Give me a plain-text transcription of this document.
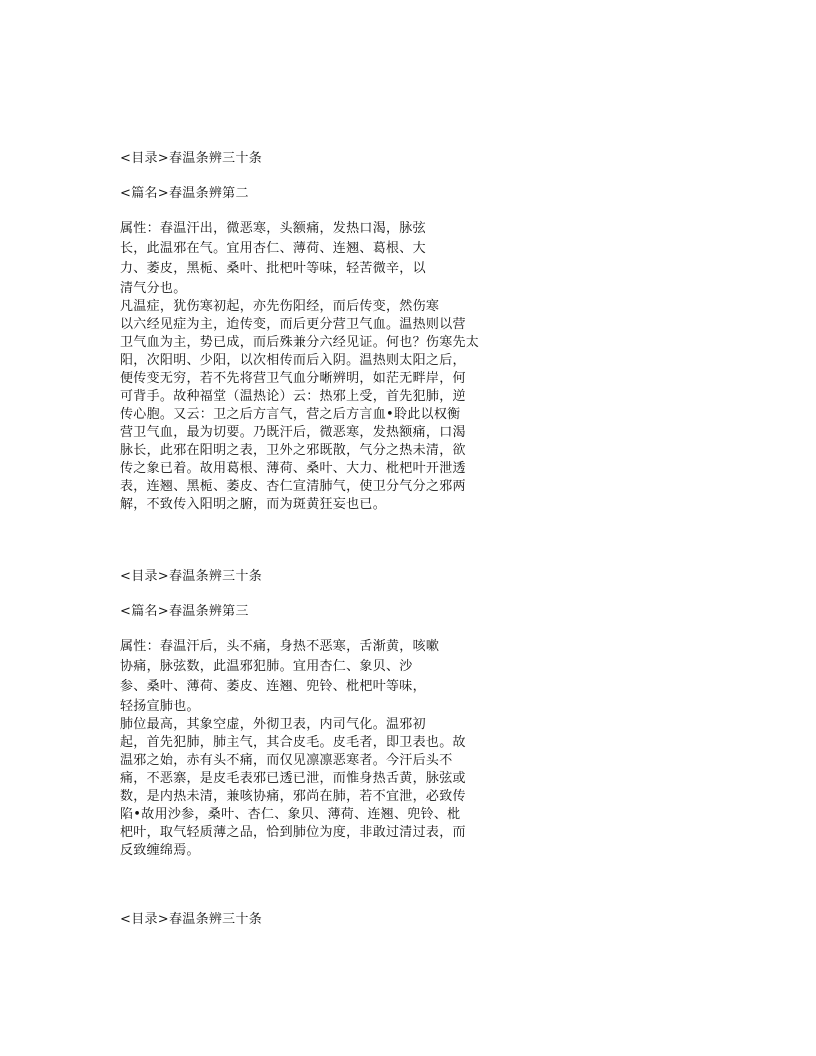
<目录>春温条辨三十条
<篇名>春温条辨第二
属性：春温汗出，微恶寒，头额痛，发热口渴，脉弦
长，此温邪在气。宜用杏仁、薄荷、连翘、葛根、大
力、萎皮，黑栀、桑叶、批杷叶等味，轻苦微辛，以
清气分也。
凡温症，犹伤寒初起，亦先伤阳经，而后传变，然伤寒
以六经见症为主，迨传变，而后更分营卫气血。温热则以营
卫气血为主，势已成，而后殊兼分六经见证。何也？伤寒先太
阳，次阳明、少阳，以次相传而后入阴。温热则太阳之后，
便传变无穷，若不先将营卫气血分晰辨明，如茫无畔岸，何
可背手。故种福堂（温热论）云：热邪上受，首先犯肺，逆
传心胞。又云：卫之后方言气，营之后方言血•聆此以权衡
营卫气血，最为切要。乃既汗后，微恶寒，发热额痛，口渴
脉长，此邪在阳明之表，卫外之邪既散，气分之热未清，欲
传之象已着。故用葛根、薄荷、桑叶、大力、枇杷叶开泄透
表，连翘、黑栀、萎皮、杏仁宣清肺气，使卫分气分之邪两
解，不致传入阳明之腑，而为斑黄狂妄也已。
<目录>春温条辨三十条
<篇名>春温条辨第三
属性：春温汗后，头不痛，身热不恶寒，舌渐黄，咳嗽
协痛，脉弦数，此温邪犯肺。宜用杏仁、象贝、沙
参、桑叶、薄荷、萎皮、连翘、兜铃、枇杷叶等味，
轻扬宣肺也。
肺位最高，其象空虚，外彻卫表，内司气化。温邪初
起，首先犯肺，肺主气，其合皮毛。皮毛者，即卫表也。故
温邪之始，赤有头不痛，而仅见凛凛恶寒者。今汗后头不
痛，不恶寨，是皮毛表邪已透已泄，而惟身热舌黄，脉弦或
数，是内热未清，兼咳协痛，邪尚在肺，若不宜泄，必致传
陷•故用沙参，桑叶、杏仁、象贝、薄荷、连翘、兜铃、枇
杷叶，取气轻质薄之品，恰到肺位为度，非敢过清过表，而
反致缠绵焉。
<目录>春温条辨三十条
